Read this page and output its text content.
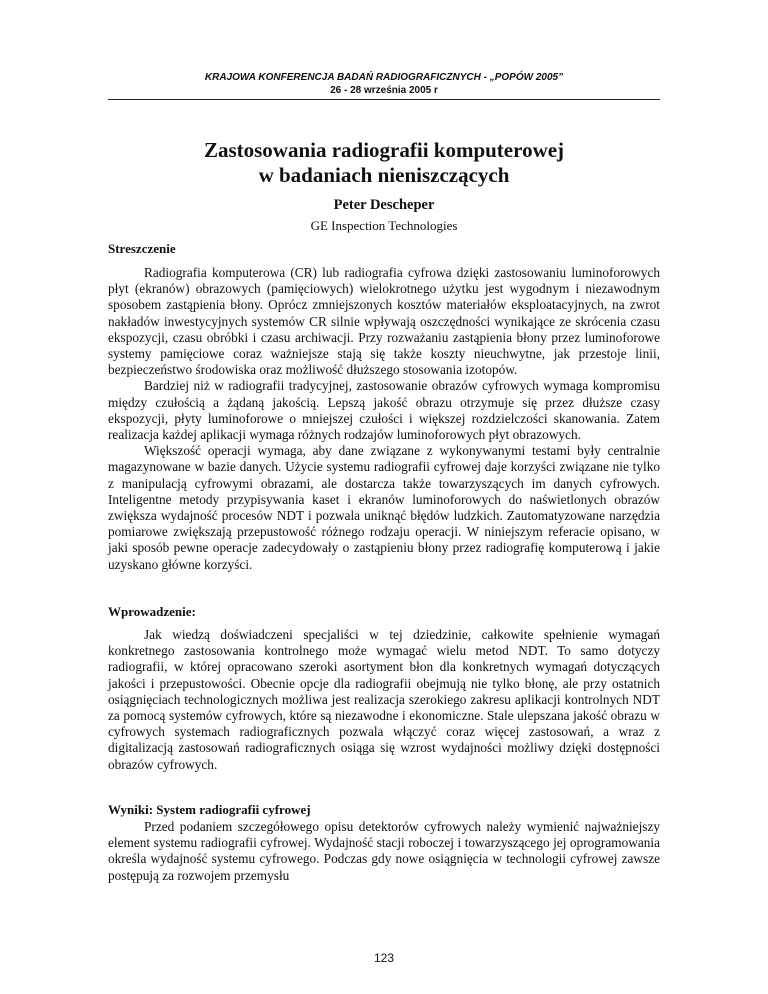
KRAJOWA KONFERENCJA BADAŃ RADIOGRAFICZNYCH - „POPÓW 2005”
26 - 28 września 2005 r
Zastosowania radiografii komputerowej
w badaniach nieniszczących
Peter Descheper
GE Inspection Technologies
Streszczenie

Radiografia komputerowa (CR) lub radiografia cyfrowa dzięki zastosowaniu luminoforowych płyt (ekranów) obrazowych (pamięciowych) wielokrotnego użytku jest wygodnym i niezawodnym sposobem zastąpienia błony. Oprócz zmniejszonych kosztów materiałów eksploatacyjnych, na zwrot nakładów inwestycyjnych systemów CR silnie wpływają oszczędności wynikające ze skrócenia czasu ekspozycji, czasu obróbki i czasu archiwacji. Przy rozważaniu zastąpienia błony przez luminoforowe systemy pamięciowe coraz ważniejsze stają się także koszty nieuchwytne, jak przestoje linii, bezpieczeństwo środowiska oraz możliwość dłuższego stosowania izotopów.

Bardziej niż w radiografii tradycyjnej, zastosowanie obrazów cyfrowych wymaga kompromisu między czułością a żądaną jakością. Lepszą jakość obrazu otrzymuje się przez dłuższe czasy ekspozycji, płyty luminoforowe o mniejszej czułości i większej rozdzielczości skanowania. Zatem realizacja każdej aplikacji wymaga różnych rodzajów luminoforowych płyt obrazowych.

Większość operacji wymaga, aby dane związane z wykonywanymi testami były centralnie magazynowane w bazie danych. Użycie systemu radiografii cyfrowej daje korzyści związane nie tylko z manipulacją cyfrowymi obrazami, ale dostarcza także towarzyszących im danych cyfrowych. Inteligentne metody przypisywania kaset i ekranów luminoforowych do naświetlonych obrazów zwiększa wydajność procesów NDT i pozwala uniknąć błędów ludzkich. Zautomatyzowane narzędzia pomiarowe zwiększają przepustowość różnego rodzaju operacji. W niniejszym referacie opisano, w jaki sposób pewne operacje zadecydowały o zastąpieniu błony przez radiografię komputerową i jakie uzyskano główne korzyści.

Wprowadzenie:

Jak wiedzą doświadczeni specjaliści w tej dziedzinie, całkowite spełnienie wymagań konkretnego zastosowania kontrolnego może wymagać wielu metod NDT. To samo dotyczy radiografii, w której opracowano szeroki asortyment błon dla konkretnych wymagań dotyczących jakości i przepustowości. Obecnie opcje dla radiografii obejmują nie tylko błonę, ale przy ostatnich osiągnięciach technologicznych możliwa jest realizacja szerokiego zakresu aplikacji kontrolnych NDT za pomocą systemów cyfrowych, które są niezawodne i ekonomiczne. Stale ulepszana jakość obrazu w cyfrowych systemach radiograficznych pozwala włączyć coraz więcej zastosowań, a wraz z digitalizacją zastosowań radiograficznych osiąga się wzrost wydajności możliwy dzięki dostępności obrazów cyfrowych.

Wyniki: System radiografii cyfrowej

Przed podaniem szczegółowego opisu detektorów cyfrowych należy wymienić najważniejszy element systemu radiografii cyfrowej. Wydajność stacji roboczej i towarzyszącego jej oprogramowania określa wydajność systemu cyfrowego. Podczas gdy nowe osiągnięcia w technologii cyfrowej zawsze postępują za rozwojem przemysłu

123
